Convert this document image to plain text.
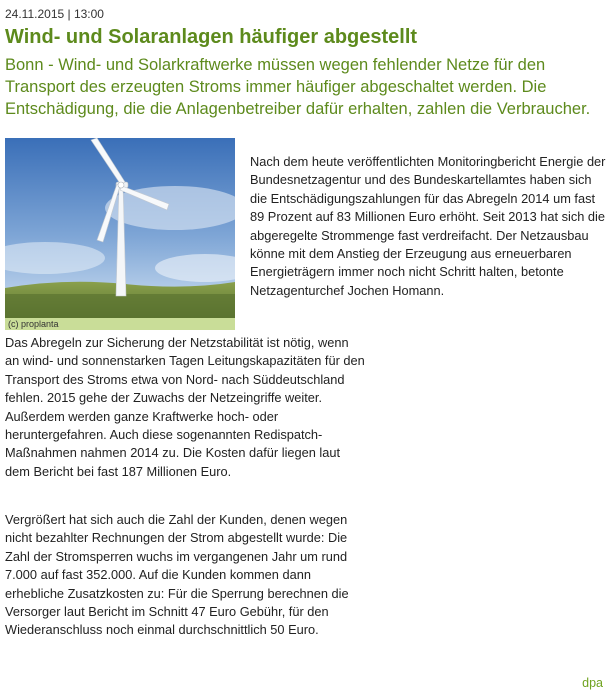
24.11.2015 | 13:00
Wind- und Solaranlagen häufiger abgestellt

Bonn - Wind- und Solarkraftwerke müssen wegen fehlender Netze für den Transport des erzeugten Stroms immer häufiger abgeschaltet werden. Die Entschädigung, die die Anlagenbetreiber dafür erhalten, zahlen die Verbraucher.

(c) proplanta

Nach dem heute veröffentlichten Monitoringbericht Energie der Bundesnetzagentur und des Bundeskartellamtes haben sich die Entschädigungszahlungen für das Abregeln 2014 um fast 89 Prozent auf 83 Millionen Euro erhöht. Seit 2013 hat sich die abgeregelte Strommenge fast verdreifacht. Der Netzausbau könne mit dem Anstieg der Erzeugung aus erneuerbaren Energieträgern immer noch nicht Schritt halten, betonte Netzagenturchef Jochen Homann.

Das Abregeln zur Sicherung der Netzstabilität ist nötig, wenn an wind- und sonnenstarken Tagen Leitungskapazitäten für den Transport des Stroms etwa von Nord- nach Süddeutschland fehlen. 2015 gehe der Zuwachs der Netzeingriffe weiter. Außerdem werden ganze Kraftwerke hoch- oder heruntergefahren. Auch diese sogenannten Redispatch-Maßnahmen nahmen 2014 zu. Die Kosten dafür liegen laut dem Bericht bei fast 187 Millionen Euro.

Vergrößert hat sich auch die Zahl der Kunden, denen wegen nicht bezahlter Rechnungen der Strom abgestellt wurde: Die Zahl der Stromsperren wuchs im vergangenen Jahr um rund 7.000 auf fast 352.000. Auf die Kunden kommen dann erhebliche Zusatzkosten zu: Für die Sperrung berechnen die Versorger laut Bericht im Schnitt 47 Euro Gebühr, für den Wiederanschluss noch einmal durchschnittlich 50 Euro.

dpa
